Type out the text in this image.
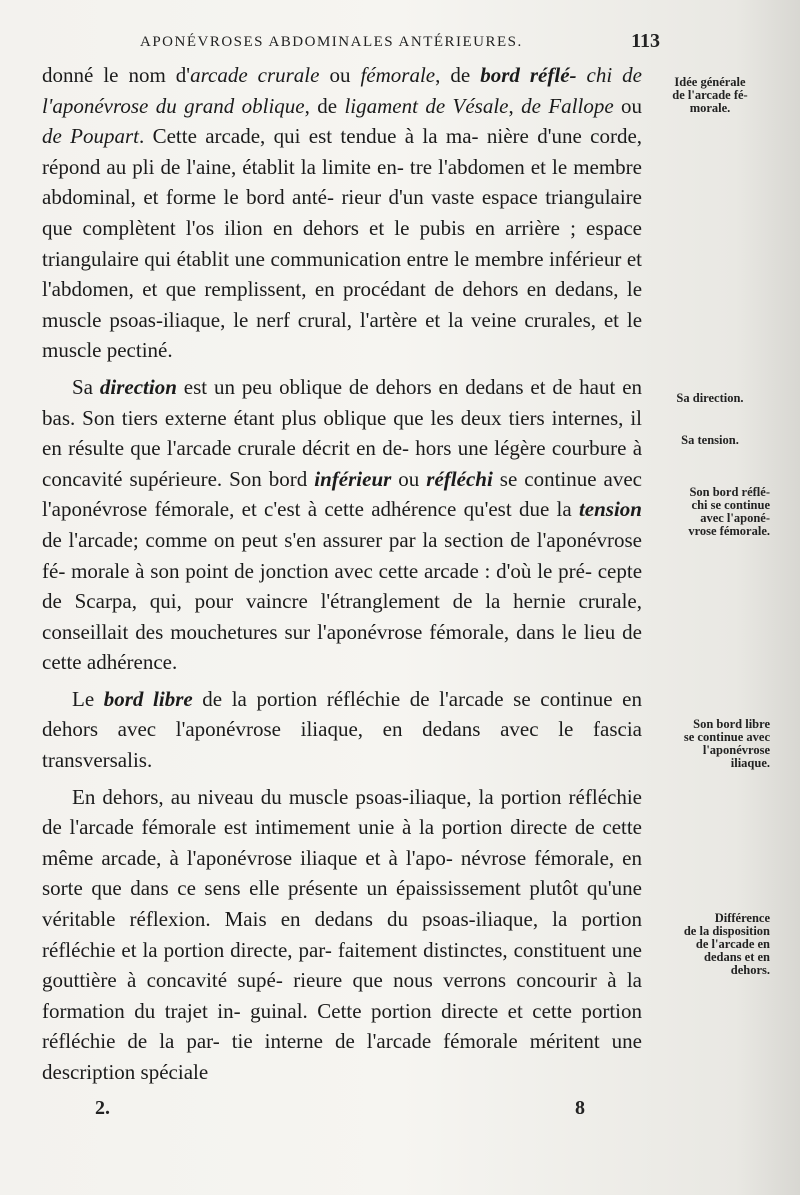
APONÉVROSES ABDOMINALES ANTÉRIEURES.	113

donné le nom d'arcade crurale ou fémorale, de bord réflé- chi de l'aponévrose du grand oblique, de ligament de Vésale, de Fallope ou de Poupart. Cette arcade, qui est tendue à la ma- nière d'une corde, répond au pli de l'aine, établit la limite en- tre l'abdomen et le membre abdominal, et forme le bord anté- rieur d'un vaste espace triangulaire que complètent l'os ilion en dehors et le pubis en arrière ; espace triangulaire qui établit une communication entre le membre inférieur et l'abdomen, et que remplissent, en procédant de dehors en dedans, le muscle psoas-iliaque, le nerf crural, l'artère et la veine crurales, et le muscle pectiné.

Sa direction est un peu oblique de dehors en dedans et de haut en bas. Son tiers externe étant plus oblique que les deux tiers internes, il en résulte que l'arcade crurale décrit en de- hors une légère courbure à concavité supérieure. Son bord inférieur ou réfléchi se continue avec l'aponévrose fémorale, et c'est à cette adhérence qu'est due la tension de l'arcade; comme on peut s'en assurer par la section de l'aponévrose fé- morale à son point de jonction avec cette arcade : d'où le pré- cepte de Scarpa, qui, pour vaincre l'étranglement de la hernie crurale, conseillait des mouchetures sur l'aponévrose fémorale, dans le lieu de cette adhérence.

Le bord libre de la portion réfléchie de l'arcade se continue en dehors avec l'aponévrose iliaque, en dedans avec le fascia transversalis.

En dehors, au niveau du muscle psoas-iliaque, la portion réfléchie de l'arcade fémorale est intimement unie à la portion directe de cette même arcade, à l'aponévrose iliaque et à l'apo- névrose fémorale, en sorte que dans ce sens elle présente un épaississement plutôt qu'une véritable réflexion. Mais en dedans du psoas-iliaque, la portion réfléchie et la portion directe, par- faitement distinctes, constituent une gouttière à concavité supé- rieure que nous verrons concourir à la formation du trajet in- guinal. Cette portion directe et cette portion réfléchie de la par- tie interne de l'arcade fémorale méritent une description spéciale

Idée générale
de l'arcade fé-
morale.
Sa direction.
Sa tension.
Son bord réflé-
chi se continue
avec l'aponé-
vrose fémorale.
Son bord libre
se continue avec
l'aponévrose
iliaque.
Différence
de la disposition
de l'arcade en
dedans et en
dehors.
2.	8
